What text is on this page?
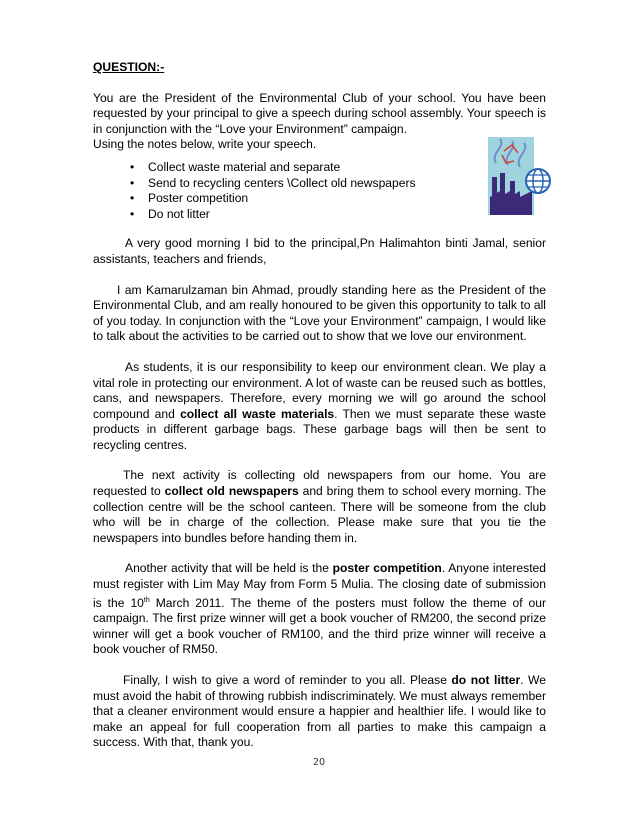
QUESTION:-
You are the President of the Environmental Club of your school. You have been requested by your principal to give a speech during school assembly. Your speech is in conjunction with the “Love your Environment” campaign.
Using the notes below, write your speech.
• Collect waste material and separate
• Send to recycling centers \Collect old newspapers
• Poster competition
• Do not litter
A very good morning I bid to the principal,Pn Halimahton binti Jamal, senior assistants, teachers and friends,
I am Kamarulzaman bin Ahmad, proudly standing here as the President of the Environmental Club, and am really honoured to be given this opportunity to talk to all of you today. In conjunction with the “Love your Environment” campaign, I would like to talk about the activities to be carried out to show that we love our environment.
As students, it is our responsibility to keep our environment clean. We play a vital role in protecting our environment. A lot of waste can be reused such as bottles, cans, and newspapers. Therefore, every morning we will go around the school compound and collect all waste materials. Then we must separate these waste products in different garbage bags. These garbage bags will then be sent to recycling centres.
The next activity is collecting old newspapers from our home. You are requested to collect old newspapers and bring them to school every morning. The collection centre will be the school canteen. There will be someone from the club who will be in charge of the collection. Please make sure that you tie the newspapers into bundles before handing them in.
Another activity that will be held is the poster competition. Anyone interested must register with Lim May May from Form 5 Mulia. The closing date of submission is the 10th March 2011. The theme of the posters must follow the theme of our campaign. The first prize winner will get a book voucher of RM200, the second prize winner will get a book voucher of RM100, and the third prize winner will receive a book voucher of RM50.
Finally, I wish to give a word of reminder to you all. Please do not litter. We must avoid the habit of throwing rubbish indiscriminately. We must always remember that a cleaner environment would ensure a happier and healthier life. I would like to make an appeal for full cooperation from all parties to make this campaign a success. With that, thank you.
20
